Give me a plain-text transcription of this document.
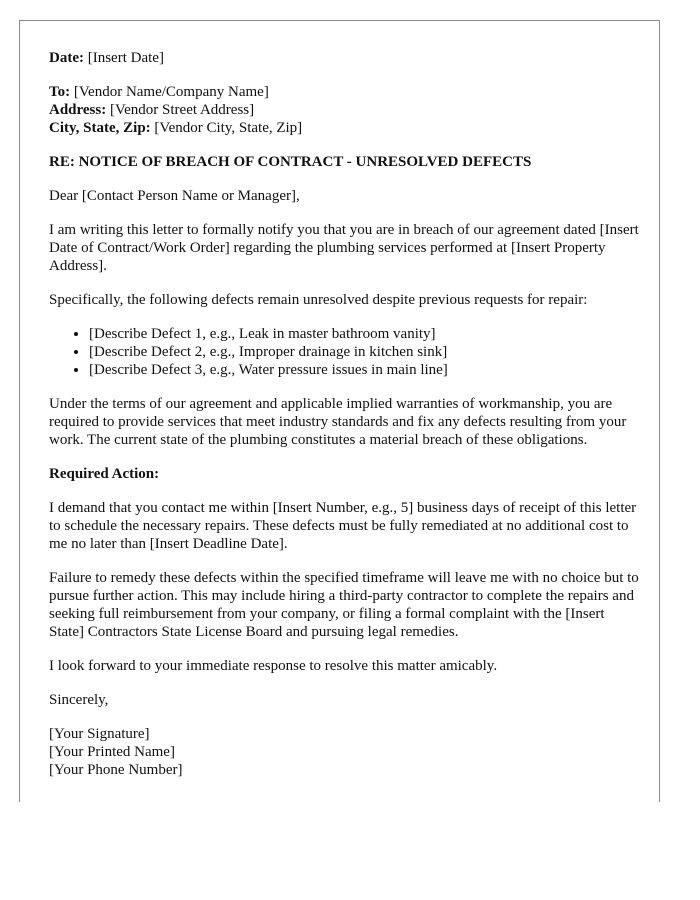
Date: [Insert Date]

To: [Vendor Name/Company Name]
Address: [Vendor Street Address]
City, State, Zip: [Vendor City, State, Zip]

RE: NOTICE OF BREACH OF CONTRACT - UNRESOLVED DEFECTS

Dear [Contact Person Name or Manager],

I am writing this letter to formally notify you that you are in breach of our agreement dated [Insert Date of Contract/Work Order] regarding the plumbing services performed at [Insert Property Address].

Specifically, the following defects remain unresolved despite previous requests for repair:

• [Describe Defect 1, e.g., Leak in master bathroom vanity]
• [Describe Defect 2, e.g., Improper drainage in kitchen sink]
• [Describe Defect 3, e.g., Water pressure issues in main line]

Under the terms of our agreement and applicable implied warranties of workmanship, you are required to provide services that meet industry standards and fix any defects resulting from your work. The current state of the plumbing constitutes a material breach of these obligations.

Required Action:

I demand that you contact me within [Insert Number, e.g., 5] business days of receipt of this letter to schedule the necessary repairs. These defects must be fully remediated at no additional cost to me no later than [Insert Deadline Date].

Failure to remedy these defects within the specified timeframe will leave me with no choice but to pursue further action. This may include hiring a third-party contractor to complete the repairs and seeking full reimbursement from your company, or filing a formal complaint with the [Insert State] Contractors State License Board and pursuing legal remedies.

I look forward to your immediate response to resolve this matter amicably.

Sincerely,

[Your Signature]
[Your Printed Name]
[Your Phone Number]
